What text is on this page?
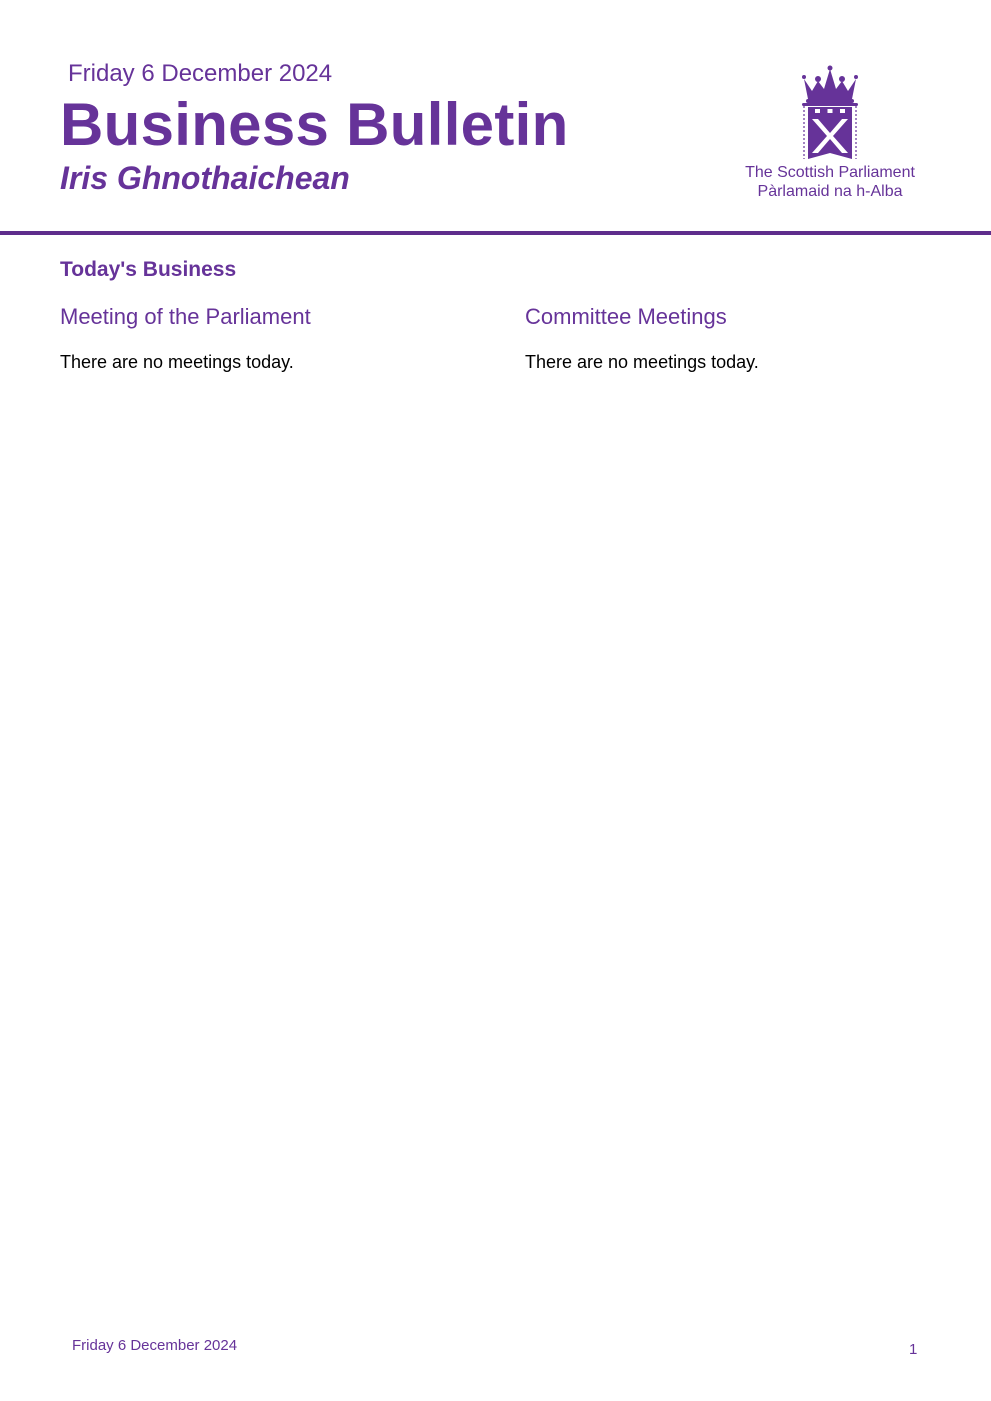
Friday 6 December 2024
Business Bulletin
Iris Ghnothaichean	The Scottish Parliament
Pàrlamaid na h-Alba
Today's Business
Meeting of the Parliament
There are no meetings today.
Committee Meetings
There are no meetings today.
Friday 6 December 2024	1
